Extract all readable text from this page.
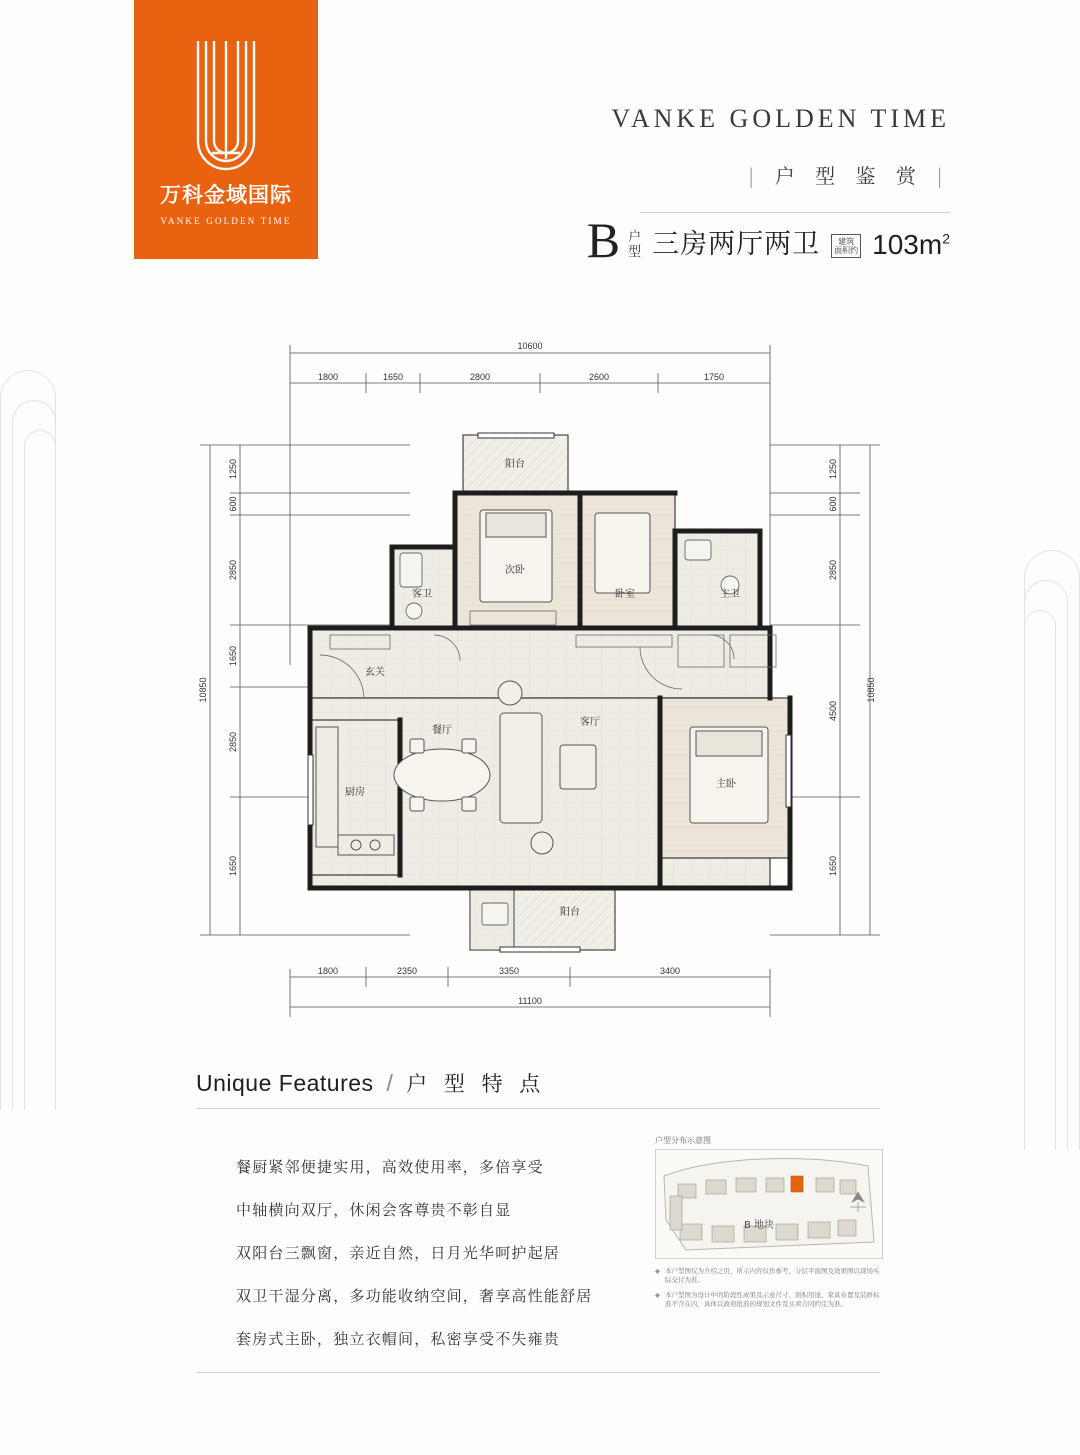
万科金域国际
VANKE GOLDEN TIME
VANKE GOLDEN TIME
| 户 型 鉴 赏 |
B 户
型 三房两厅两卫	建筑
面积约 $103m^2$
10600
1800	1650	2800	2600	1750
10850
1250
600
2850
1650
2850
1650
10850
1250
600
2850
4500
1650
1800	2350	3350	3400
11100
阳台
次卧
客卫	卧室	主卫
玄关
餐厅
厨房
客厅
主卧
阳台
Unique Features / 户 型 特 点
餐厨紧邻便捷实用，高效使用率，多倍享受
中轴横向双厅，休闲会客尊贵不彰自显
双阳台三飘窗，亲近自然，日月光华呵护起居
双卫干湿分离，多功能收纳空间，奢享高性能舒居
套房式主卧，独立衣帽间，私密享受不失雍贵
户型分布示意图
B 地块
◆ 本户型图仅为介绍之用，所示内容仅作参考，分层平面图及效果图以现场实际交付为准。
◆ 本户型图为设计中的阶段性成果及示意尺寸、面积用途、家具布置及装修标准不含在内，具体以政府批准的规划文件及买卖合同约定为准。
